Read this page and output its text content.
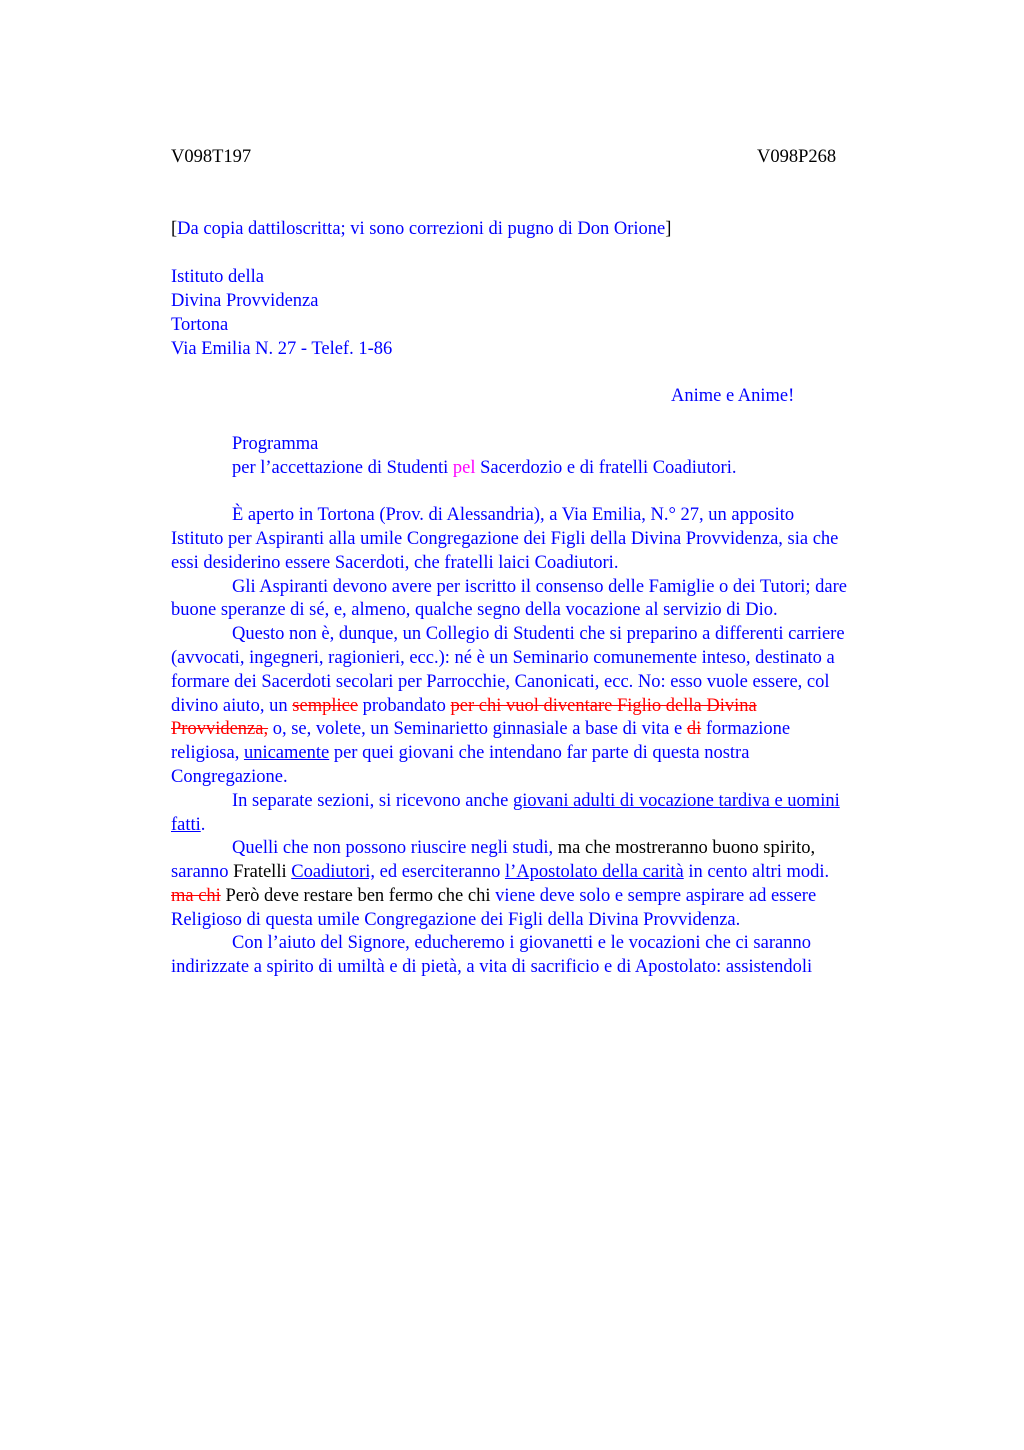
V098T197	V098P268
[Da copia dattiloscritta; vi sono correzioni di pugno di Don Orione]
Istituto della
Divina Provvidenza
Tortona
Via Emilia N. 27 - Telef. 1-86
Anime e Anime!
Programma
per l’accettazione di Studenti pel Sacerdozio e di fratelli Coadiutori.
È aperto in Tortona (Prov. di Alessandria), a Via Emilia, N.° 27, un apposito
Istituto per Aspiranti alla umile Congregazione dei Figli della Divina Provvidenza, sia che
essi desiderino essere Sacerdoti, che fratelli laici Coadiutori.
Gli Aspiranti devono avere per iscritto il consenso delle Famiglie o dei Tutori; dare
buone speranze di sé, e, almeno, qualche segno della vocazione al servizio di Dio.
Questo non è, dunque, un Collegio di Studenti che si preparino a differenti carriere
(avvocati, ingegneri, ragionieri, ecc.): né è un Seminario comunemente inteso, destinato a
formare dei Sacerdoti secolari per Parrocchie, Canonicati, ecc. No: esso vuole essere, col
divino aiuto, un semplice probandato per chi vuol diventare Figlio della Divina
Provvidenza, o, se, volete, un Seminarietto ginnasiale a base di vita e di formazione
religiosa, unicamente per quei giovani che intendano far parte di questa nostra
Congregazione.
In separate sezioni, si ricevono anche giovani adulti di vocazione tardiva e uomini
fatti.
Quelli che non possono riuscire negli studi, ma che mostreranno buono spirito,
saranno Fratelli Coadiutori, ed eserciteranno l’Apostolato della carità in cento altri modi.
ma chi Però deve restare ben fermo che chi viene deve solo e sempre aspirare ad essere
Religioso di questa umile Congregazione dei Figli della Divina Provvidenza.
Con l’aiuto del Signore, educheremo i giovanetti e le vocazioni che ci saranno
indirizzate a spirito di umiltà e di pietà, a vita di sacrificio e di Apostolato: assistendoli
